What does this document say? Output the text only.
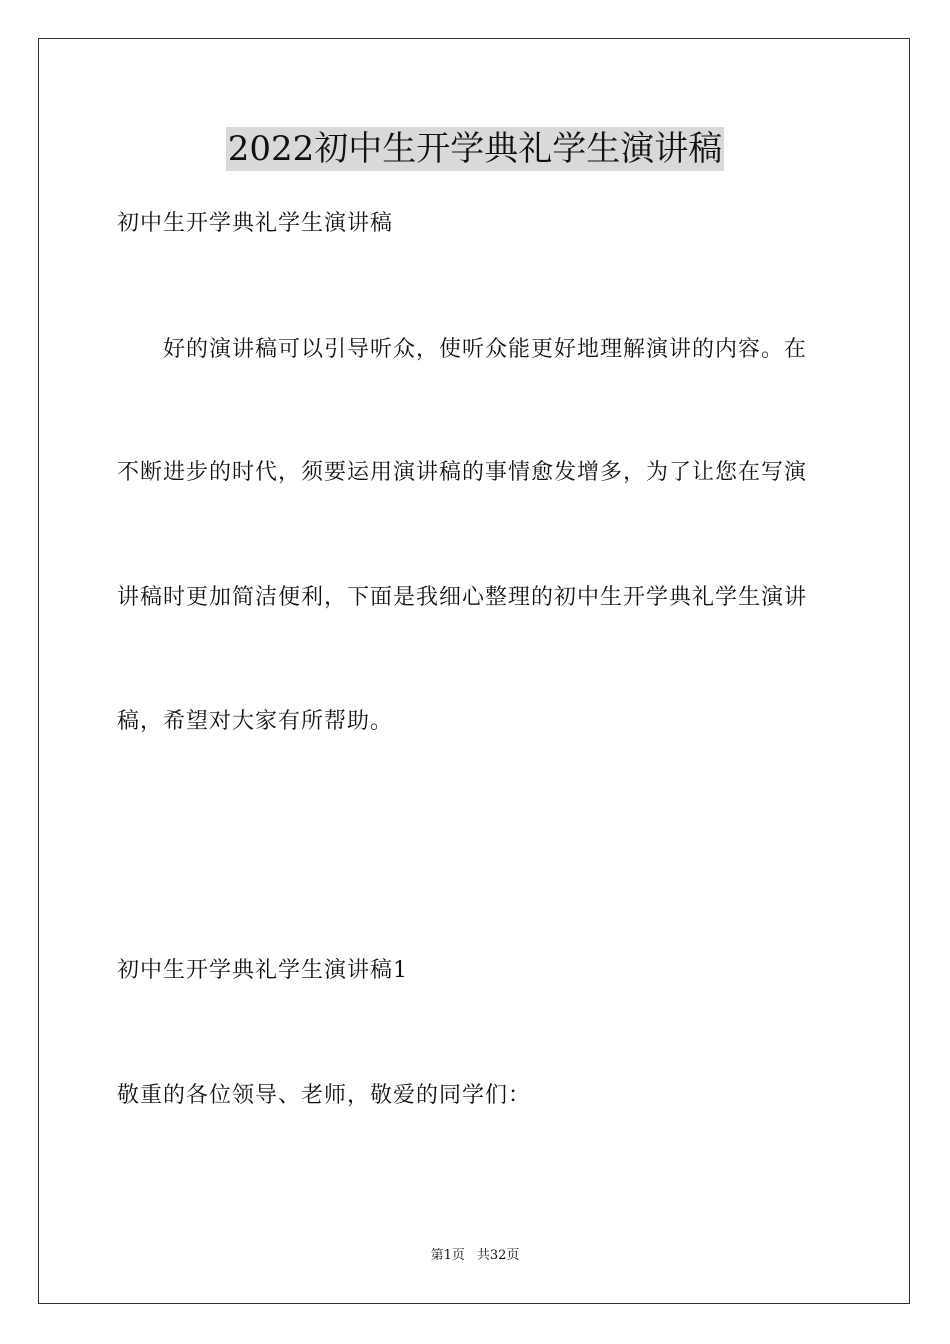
2022初中生开学典礼学生演讲稿
初中生开学典礼学生演讲稿
好的演讲稿可以引导听众，使听众能更好地理解演讲的内容。在
不断进步的时代，须要运用演讲稿的事情愈发增多，为了让您在写演
讲稿时更加简洁便利，下面是我细心整理的初中生开学典礼学生演讲
稿，希望对大家有所帮助。
初中生开学典礼学生演讲稿1
敬重的各位领导、老师，敬爱的同学们：
第1页 共32页
